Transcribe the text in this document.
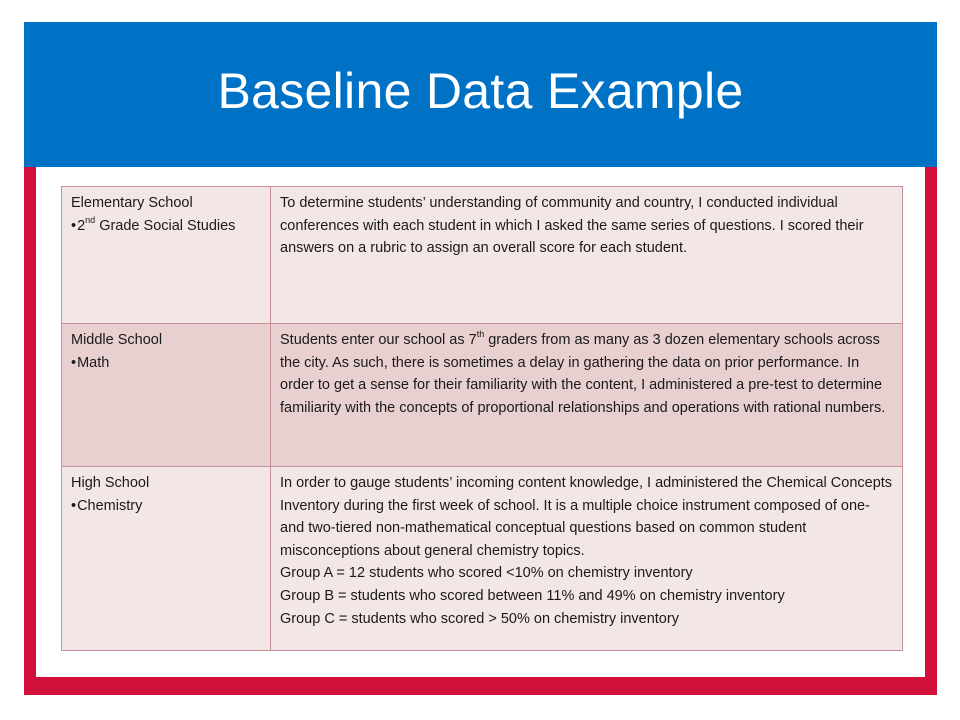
Baseline Data Example
Elementary School
• 2nd Grade Social Studies	To determine students’ understanding of community and country, I conducted individual conferences with each student in which I asked the same series of questions. I scored their answers on a rubric to assign an overall score for each student.

Middle School
• Math	Students enter our school as 7th graders from as many as 3 dozen elementary schools across the city. As such, there is sometimes a delay in gathering the data on prior performance. In order to get a sense for their familiarity with the content, I administered a pre-test to determine familiarity with the concepts of proportional relationships and operations with rational numbers.

High School
• Chemistry	In order to gauge students’ incoming content knowledge, I administered the Chemical Concepts Inventory during the first week of school. It is a multiple choice instrument composed of one- and two-tiered non-mathematical conceptual questions based on common student misconceptions about general chemistry topics.
Group A = 12 students who scored <10% on chemistry inventory
Group B = students who scored between 11% and 49% on chemistry inventory
Group C = students who scored > 50% on chemistry inventory
